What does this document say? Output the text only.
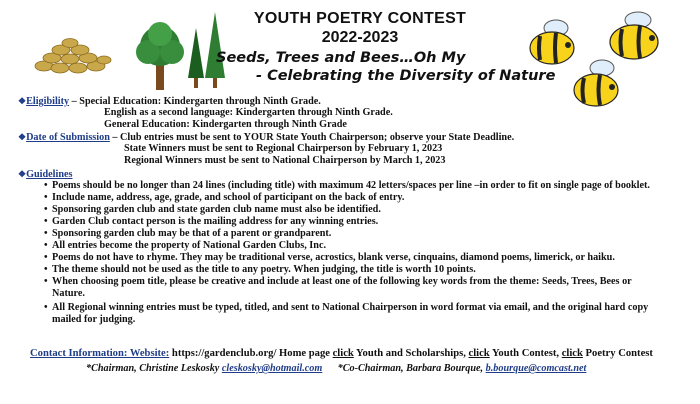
YOUTH POETRY CONTEST
2022-2023
Seeds, Trees and Bees…Oh My
- Celebrating the Diversity of Nature
❖Eligibility – Special Education: Kindergarten through Ninth Grade.
English as a second language: Kindergarten through Ninth Grade.
General Education: Kindergarten through Ninth Grade
❖Date of Submission – Club entries must be sent to YOUR State Youth Chairperson; observe your State Deadline.
State Winners must be sent to Regional Chairperson by February 1, 2023
Regional Winners must be sent to National Chairperson by March 1, 2023
❖Guidelines
• Poems should be no longer than 24 lines (including title) with maximum 42 letters/spaces per line –in order to fit on single page of booklet.
• Include name, address, age, grade, and school of participant on the back of entry.
• Sponsoring garden club and state garden club name must also be identified.
• Garden Club contact person is the mailing address for any winning entries.
• Sponsoring garden club may be that of a parent or grandparent.
• All entries become the property of National Garden Clubs, Inc.
• Poems do not have to rhyme. They may be traditional verse, acrostics, blank verse, cinquains, diamond poems, limerick, or haiku.
• The theme should not be used as the title to any poetry. When judging, the title is worth 10 points.
• When choosing poem title, please be creative and include at least one of the following key words from the theme: Seeds, Trees, Bees or
Nature.
• All Regional winning entries must be typed, titled, and sent to National Chairperson in word format via email, and the original hard copy
mailed for judging.
Contact Information: Website: https://gardenclub.org/ Home page click Youth and Scholarships, click Youth Contest, click Poetry Contest
*Chairman, Christine Leskosky cleskosky@hotmail.com      *Co-Chairman, Barbara Bourque, b.bourque@comcast.net
